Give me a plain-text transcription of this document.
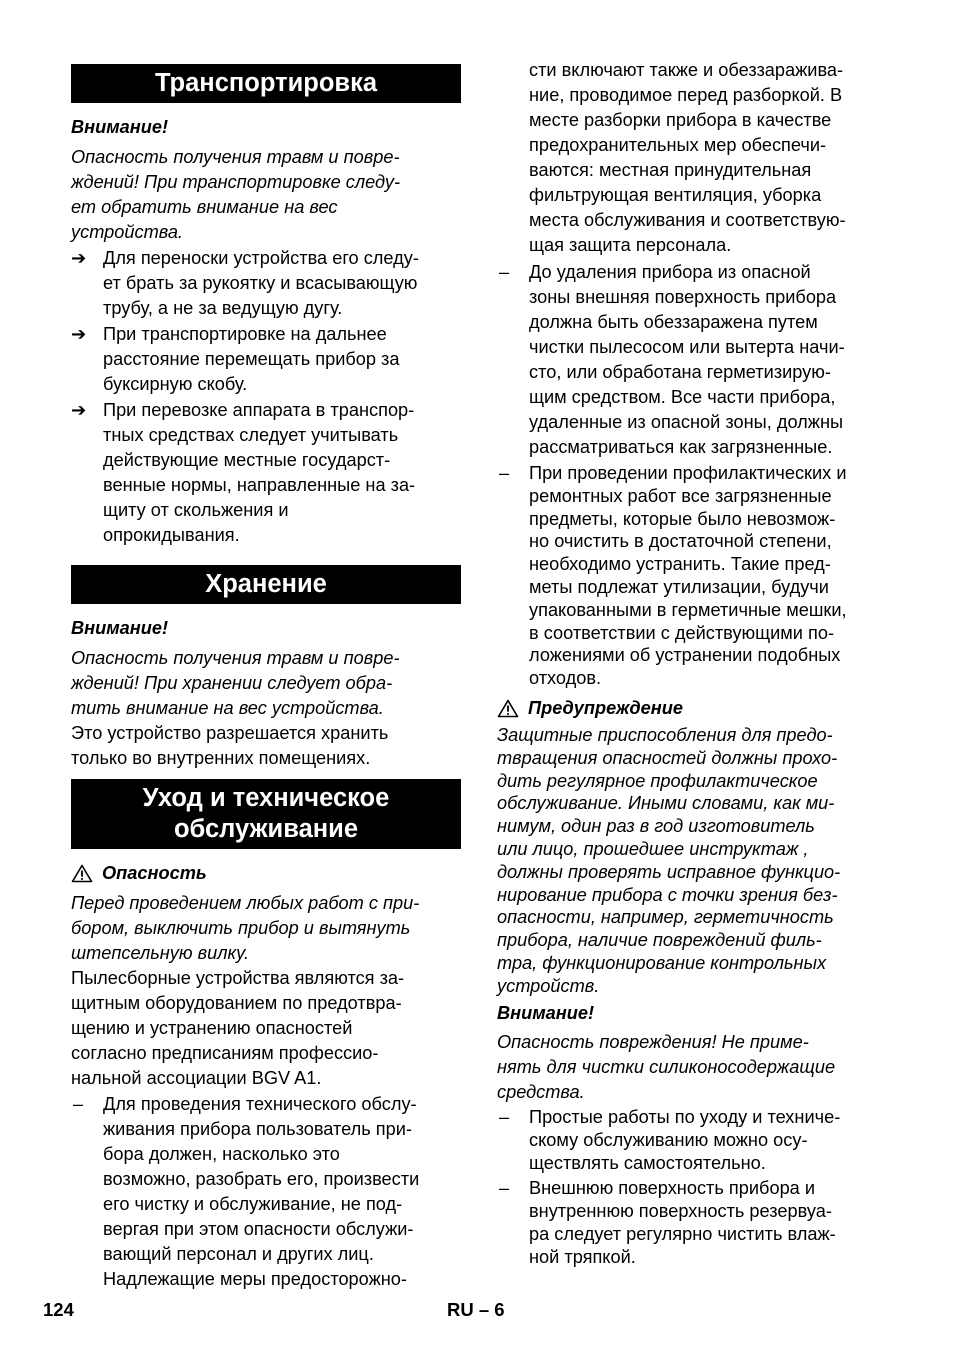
Транспортировка

Внимание!

Опасность получения травм и повре-
ждений! При транспортировке следу-
ет обратить внимание на вес
устройства.
➔ Для переноски устройства его следу-
ет брать за рукоятку и всасывающую
трубу, а не за ведущую дугу.
➔ При транспортировке на дальнее
расстояние перемещать прибор за
буксирную скобу.
➔ При перевозке аппарата в транспор-
тных средствах следует учитывать
действующие местные государст-
венные нормы, направленные на за-
щиту от скольжения и
опрокидывания.
Хранение

Внимание!

Опасность получения травм и повре-
ждений! При хранении следует обра-
тить внимание на вес устройства.
Это устройство разрешается хранить
только во внутренних помещениях.
Уход и техническое
обслуживание
Опасность
Перед проведением любых работ с при-
бором, выключить прибор и вытянуть
штепсельную вилку.
Пылесборные устройства являются за-
щитным оборудованием по предотвра-
щению и устранению опасностей
согласно предписаниям профессио-
нальной ассоциации BGV A1.
–	Для проведения технического обслу-
живания прибора пользователь при-
бора должен, насколько это
возможно, разобрать его, произвести
его чистку и обслуживание, не под-
вергая при этом опасности обслужи-
вающий персонал и других лиц.
Надлежащие меры предосторожно-
сти включают также и обеззаражива-
ние, проводимое перед разборкой. В
месте разборки прибора в качестве
предохранительных мер обеспечи-
ваются: местная принудительная
фильтрующая вентиляция, уборка
места обслуживания и соответствую-
щая защита персонала.
–	До удаления прибора из опасной
зоны внешняя поверхность прибора
должна быть обеззаражена путем
чистки пылесосом или вытерта начи-
сто, или обработана герметизирую-
щим средством. Все части прибора,
удаленные из опасной зоны, должны
рассматриваться как загрязненные.
–	При проведении профилактических и
ремонтных работ все загрязненные
предметы, которые было невозмож-
но очистить в достаточной степени,
необходимо устранить. Такие пред-
меты подлежат утилизации, будучи
упакованными в герметичные мешки,
в соответствии с действующими по-
ложениями об устранении подобных
отходов.
Предупреждение
Защитные приспособления для предо-
твращения опасностей должны прохо-
дить регулярное профилактическое
обслуживание. Иными словами, как ми-
нимум, один раз в год изготовитель
или лицо, прошедшее инструктаж ,
должны проверять исправное функцио-
нирование прибора с точки зрения без-
опасности, например, герметичность
прибора, наличие повреждений филь-
тра, функционирование контрольных
устройств.

Внимание!

Опасность повреждения! Не приме-
нять для чистки силиконосодержащие
средства.
–	Простые работы по уходу и техниче-
скому обслуживанию можно осу-
ществлять самостоятельно.
–	Внешнюю поверхность прибора и
внутреннюю поверхность резервуа-
ра следует регулярно чистить влаж-
ной тряпкой.
124	RU – 6
